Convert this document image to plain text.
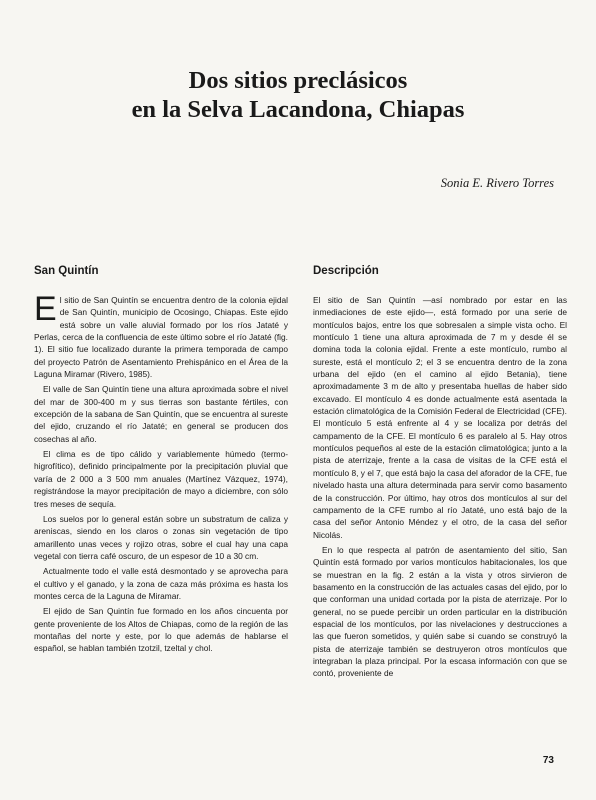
Dos sitios preclásicos
en la Selva Lacandona, Chiapas
Sonia E. Rivero Torres
San Quintín

El sitio de San Quintín se encuentra dentro de la colonia ejidal de San Quintín, municipio de Ocosingo, Chiapas. Este ejido está sobre un valle aluvial formado por los ríos Jataté y Perlas, cerca de la confluencia de este último sobre el río Jataté (fig. 1). El sitio fue localizado durante la primera temporada de campo del proyecto Patrón de Asentamiento Prehispánico en el Área de la Laguna Miramar (Rivero, 1985).

El valle de San Quintín tiene una altura aproximada sobre el nivel del mar de 300-400 m y sus tierras son bastante fértiles, con excepción de la sabana de San Quintín, que se encuentra al sureste del ejido, cruzando el río Jataté; en general se producen dos cosechas al año.

El clima es de tipo cálido y variablemente húmedo (termo-higrofítico), definido principalmente por la precipitación pluvial que varía de 2 000 a 3 500 mm anuales (Martínez Vázquez, 1974), registrándose la mayor precipitación de mayo a diciembre, con sólo tres meses de sequía.

Los suelos por lo general están sobre un substratum de caliza y areniscas, siendo en los claros o zonas sin vegetación de tipo amarillento unas veces y rojizo otras, sobre el cual hay una capa vegetal con tierra café oscuro, de un espesor de 10 a 30 cm.

Actualmente todo el valle está desmontado y se aprovecha para el cultivo y el ganado, y la zona de caza más próxima es hasta los montes cerca de la Laguna de Miramar.

El ejido de San Quintín fue formado en los años cincuenta por gente proveniente de los Altos de Chiapas, como de la región de las montañas del norte y este, por lo que además de hablarse el español, se hablan también tzotzil, tzeltal y chol.

Descripción

El sitio de San Quintín —así nombrado por estar en las inmediaciones de este ejido—, está formado por una serie de montículos bajos, entre los que sobresalen a simple vista ocho. El montículo 1 tiene una altura aproximada de 7 m y desde él se domina toda la colonia ejidal. Frente a este montículo, rumbo al sureste, está el montículo 2; el 3 se encuentra dentro de la zona urbana del ejido (en el camino al ejido Betania), tiene aproximadamente 3 m de alto y presentaba huellas de haber sido excavado. El montículo 4 es donde actualmente está asentada la estación climatológica de la Comisión Federal de Electricidad (CFE). El montículo 5 está enfrente al 4 y se localiza por detrás del campamento de la CFE. El montículo 6 es paralelo al 5. Hay otros montículos pequeños al este de la estación climatológica; junto a la pista de aterrizaje, frente a la casa de visitas de la CFE está el montículo 8, y el 7, que está bajo la casa del aforador de la CFE, fue nivelado hasta una altura determinada para servir como basamento de la construcción. Por último, hay otros dos montículos al sur del campamento de la CFE rumbo al río Jataté, uno está bajo de la casa del señor Antonio Méndez y el otro, de la casa del señor Nicolás.

En lo que respecta al patrón de asentamiento del sitio, San Quintín está formado por varios montículos habitacionales, los que se muestran en la fig. 2 están a la vista y otros sirvieron de basamento en la construcción de las actuales casas del ejido, por lo que conforman una unidad cortada por la pista de aterrizaje. Por lo general, no se puede percibir un orden particular en la distribución espacial de los montículos, por las nivelaciones y destrucciones a las que fueron sometidos, y quién sabe si cuando se construyó la pista de aterrizaje también se destruyeron otros montículos que integraban la plaza principal. Por la escasa información con que se contó, proveniente de

73
